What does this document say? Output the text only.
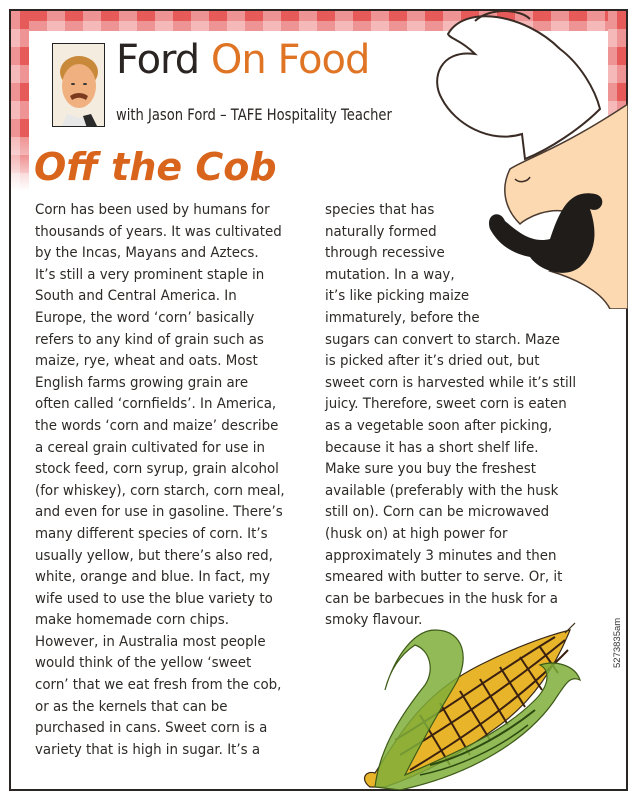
Ford On Food
with Jason Ford – TAFE Hospitality Teacher
Off the Cob
Corn has been used by humans for
thousands of years. It was cultivated
by the Incas, Mayans and Aztecs.
It’s still a very prominent staple in
South and Central America. In
Europe, the word ‘corn’ basically
refers to any kind of grain such as
maize, rye, wheat and oats. Most
English farms growing grain are
often called ‘cornfields’. In America,
the words ‘corn and maize’ describe
a cereal grain cultivated for use in
stock feed, corn syrup, grain alcohol
(for whiskey), corn starch, corn meal,
and even for use in gasoline. There’s
many different species of corn. It’s
usually yellow, but there’s also red,
white, orange and blue. In fact, my
wife used to use the blue variety to
make homemade corn chips.
However, in Australia most people
would think of the yellow ‘sweet
corn’ that we eat fresh from the cob,
or as the kernels that can be
purchased in cans. Sweet corn is a
variety that is high in sugar. It’s a
species that has
naturally formed
through recessive
mutation. In a way,
it’s like picking maize
immaturely, before the
sugars can convert to starch. Maze
is picked after it’s dried out, but
sweet corn is harvested while it’s still
juicy. Therefore, sweet corn is eaten
as a vegetable soon after picking,
because it has a short shelf life.
Make sure you buy the freshest
available (preferably with the husk
still on). Corn can be microwaved
(husk on) at high power for
approximately 3 minutes and then
smeared with butter to serve. Or, it
can be barbecues in the husk for a
smoky flavour.	5273835am
